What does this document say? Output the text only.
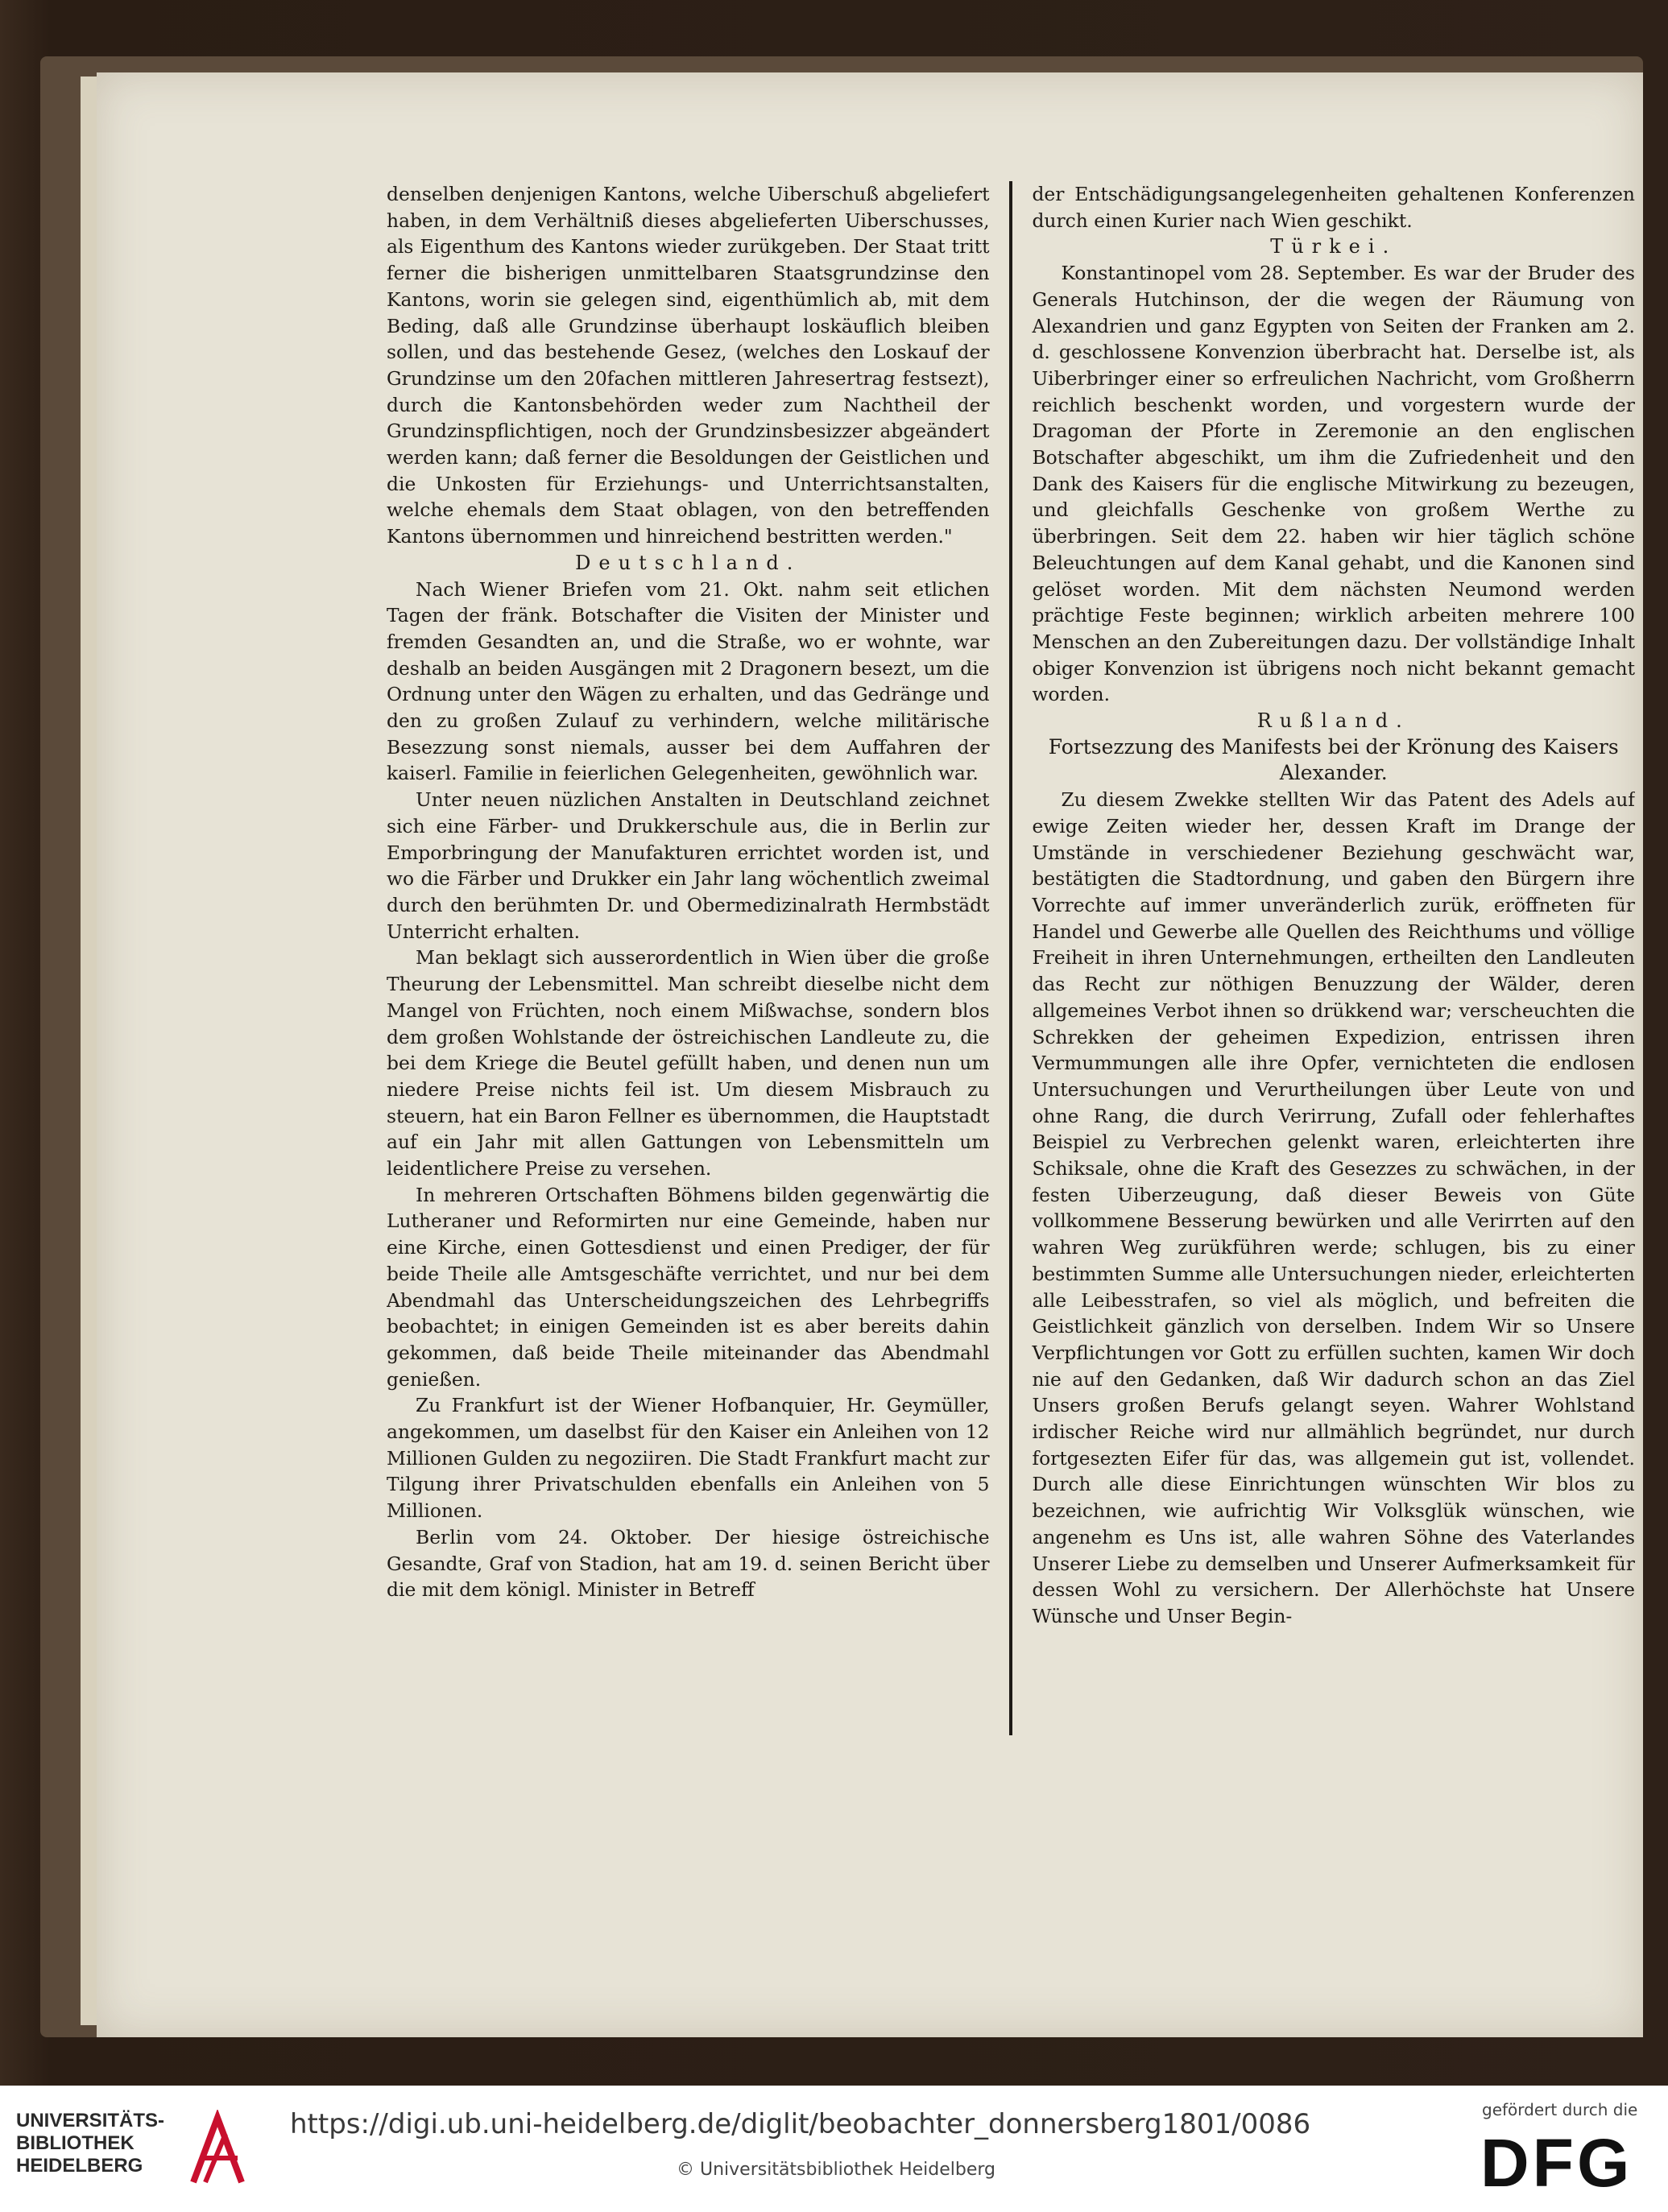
denselben denjenigen Kantons, welche Uiberschuß abgeliefert haben, in dem Verhältniß dieses abgelieferten Uiberschusses, als Eigenthum des Kantons wieder zurükgeben. Der Staat tritt ferner die bisherigen unmittelbaren Staatsgrundzinse den Kantons, worin sie gelegen sind, eigenthümlich ab, mit dem Beding, daß alle Grundzinse überhaupt loskäuflich bleiben sollen, und das bestehende Gesez, (welches den Loskauf der Grundzinse um den 20fachen mittleren Jahresertrag festsezt), durch die Kantonsbehörden weder zum Nachtheil der Grundzinspflichtigen, noch der Grundzinsbesizzer abgeändert werden kann; daß ferner die Besoldungen der Geistlichen und die Unkosten für Erziehungs- und Unterrichtsanstalten, welche ehemals dem Staat oblagen, von den betreffenden Kantons übernommen und hinreichend bestritten werden."

Deutschland.

Nach Wiener Briefen vom 21. Okt. nahm seit etlichen Tagen der fränk. Botschafter die Visiten der Minister und fremden Gesandten an, und die Straße, wo er wohnte, war deshalb an beiden Ausgängen mit 2 Dragonern besezt, um die Ordnung unter den Wägen zu erhalten, und das Gedränge und den zu großen Zulauf zu verhindern, welche militärische Besezzung sonst niemals, ausser bei dem Auffahren der kaiserl. Familie in feierlichen Gelegenheiten, gewöhnlich war.

Unter neuen nüzlichen Anstalten in Deutschland zeichnet sich eine Färber- und Drukkerschule aus, die in Berlin zur Emporbringung der Manufakturen errichtet worden ist, und wo die Färber und Drukker ein Jahr lang wöchentlich zweimal durch den berühmten Dr. und Obermedizinalrath Hermbstädt Unterricht erhalten.

Man beklagt sich ausserordentlich in Wien über die große Theurung der Lebensmittel. Man schreibt dieselbe nicht dem Mangel von Früchten, noch einem Mißwachse, sondern blos dem großen Wohlstande der östreichischen Landleute zu, die bei dem Kriege die Beutel gefüllt haben, und denen nun um niedere Preise nichts feil ist. Um diesem Misbrauch zu steuern, hat ein Baron Fellner es übernommen, die Hauptstadt auf ein Jahr mit allen Gattungen von Lebensmitteln um leidentlichere Preise zu versehen.

In mehreren Ortschaften Böhmens bilden gegenwärtig die Lutheraner und Reformirten nur eine Gemeinde, haben nur eine Kirche, einen Gottesdienst und einen Prediger, der für beide Theile alle Amtsgeschäfte verrichtet, und nur bei dem Abendmahl das Unterscheidungszeichen des Lehrbegriffs beobachtet; in einigen Gemeinden ist es aber bereits dahin gekommen, daß beide Theile miteinander das Abendmahl genießen.

Zu Frankfurt ist der Wiener Hofbanquier, Hr. Geymüller, angekommen, um daselbst für den Kaiser ein Anleihen von 12 Millionen Gulden zu negoziiren. Die Stadt Frankfurt macht zur Tilgung ihrer Privatschulden ebenfalls ein Anleihen von 5 Millionen.

Berlin vom 24. Oktober. Der hiesige östreichische Gesandte, Graf von Stadion, hat am 19. d. seinen Bericht über die mit dem königl. Minister in Betreff

der Entschädigungsangelegenheiten gehaltenen Konferenzen durch einen Kurier nach Wien geschikt.

Türkei.

Konstantinopel vom 28. September. Es war der Bruder des Generals Hutchinson, der die wegen der Räumung von Alexandrien und ganz Egypten von Seiten der Franken am 2. d. geschlossene Konvenzion überbracht hat. Derselbe ist, als Uiberbringer einer so erfreulichen Nachricht, vom Großherrn reichlich beschenkt worden, und vorgestern wurde der Dragoman der Pforte in Zeremonie an den englischen Botschafter abgeschikt, um ihm die Zufriedenheit und den Dank des Kaisers für die englische Mitwirkung zu bezeugen, und gleichfalls Geschenke von großem Werthe zu überbringen. Seit dem 22. haben wir hier täglich schöne Beleuchtungen auf dem Kanal gehabt, und die Kanonen sind gelöset worden. Mit dem nächsten Neumond werden prächtige Feste beginnen; wirklich arbeiten mehrere 100 Menschen an den Zubereitungen dazu. Der vollständige Inhalt obiger Konvenzion ist übrigens noch nicht bekannt gemacht worden.

Rußland.

Fortsezzung des Manifests bei der Krönung des Kaisers Alexander.

Zu diesem Zwekke stellten Wir das Patent des Adels auf ewige Zeiten wieder her, dessen Kraft im Drange der Umstände in verschiedener Beziehung geschwächt war, bestätigten die Stadtordnung, und gaben den Bürgern ihre Vorrechte auf immer unveränderlich zurük, eröffneten für Handel und Gewerbe alle Quellen des Reichthums und völlige Freiheit in ihren Unternehmungen, ertheilten den Landleuten das Recht zur nöthigen Benuzzung der Wälder, deren allgemeines Verbot ihnen so drükkend war; verscheuchten die Schrekken der geheimen Expedizion, entrissen ihren Vermummungen alle ihre Opfer, vernichteten die endlosen Untersuchungen und Verurtheilungen über Leute von und ohne Rang, die durch Verirrung, Zufall oder fehlerhaftes Beispiel zu Verbrechen gelenkt waren, erleichterten ihre Schiksale, ohne die Kraft des Gesezzes zu schwächen, in der festen Uiberzeugung, daß dieser Beweis von Güte vollkommene Besserung bewürken und alle Verirrten auf den wahren Weg zurükführen werde; schlugen, bis zu einer bestimmten Summe alle Untersuchungen nieder, erleichterten alle Leibesstrafen, so viel als möglich, und befreiten die Geistlichkeit gänzlich von derselben. Indem Wir so Unsere Verpflichtungen vor Gott zu erfüllen suchten, kamen Wir doch nie auf den Gedanken, daß Wir dadurch schon an das Ziel Unsers großen Berufs gelangt seyen. Wahrer Wohlstand irdischer Reiche wird nur allmählich begründet, nur durch fortgesezten Eifer für das, was allgemein gut ist, vollendet. Durch alle diese Einrichtungen wünschten Wir blos zu bezeichnen, wie aufrichtig Wir Volksglük wünschen, wie angenehm es Uns ist, alle wahren Söhne des Vaterlandes Unserer Liebe zu demselben und Unserer Aufmerksamkeit für dessen Wohl zu versichern. Der Allerhöchste hat Unsere Wünsche und Unser Begin-

UNIVERSITÄTS-
BIBLIOTHEK
HEIDELBERG
https://digi.ub.uni-heidelberg.de/diglit/beobachter_donnersberg1801/0086
© Universitätsbibliothek Heidelberg
gefördert durch die
DFG
